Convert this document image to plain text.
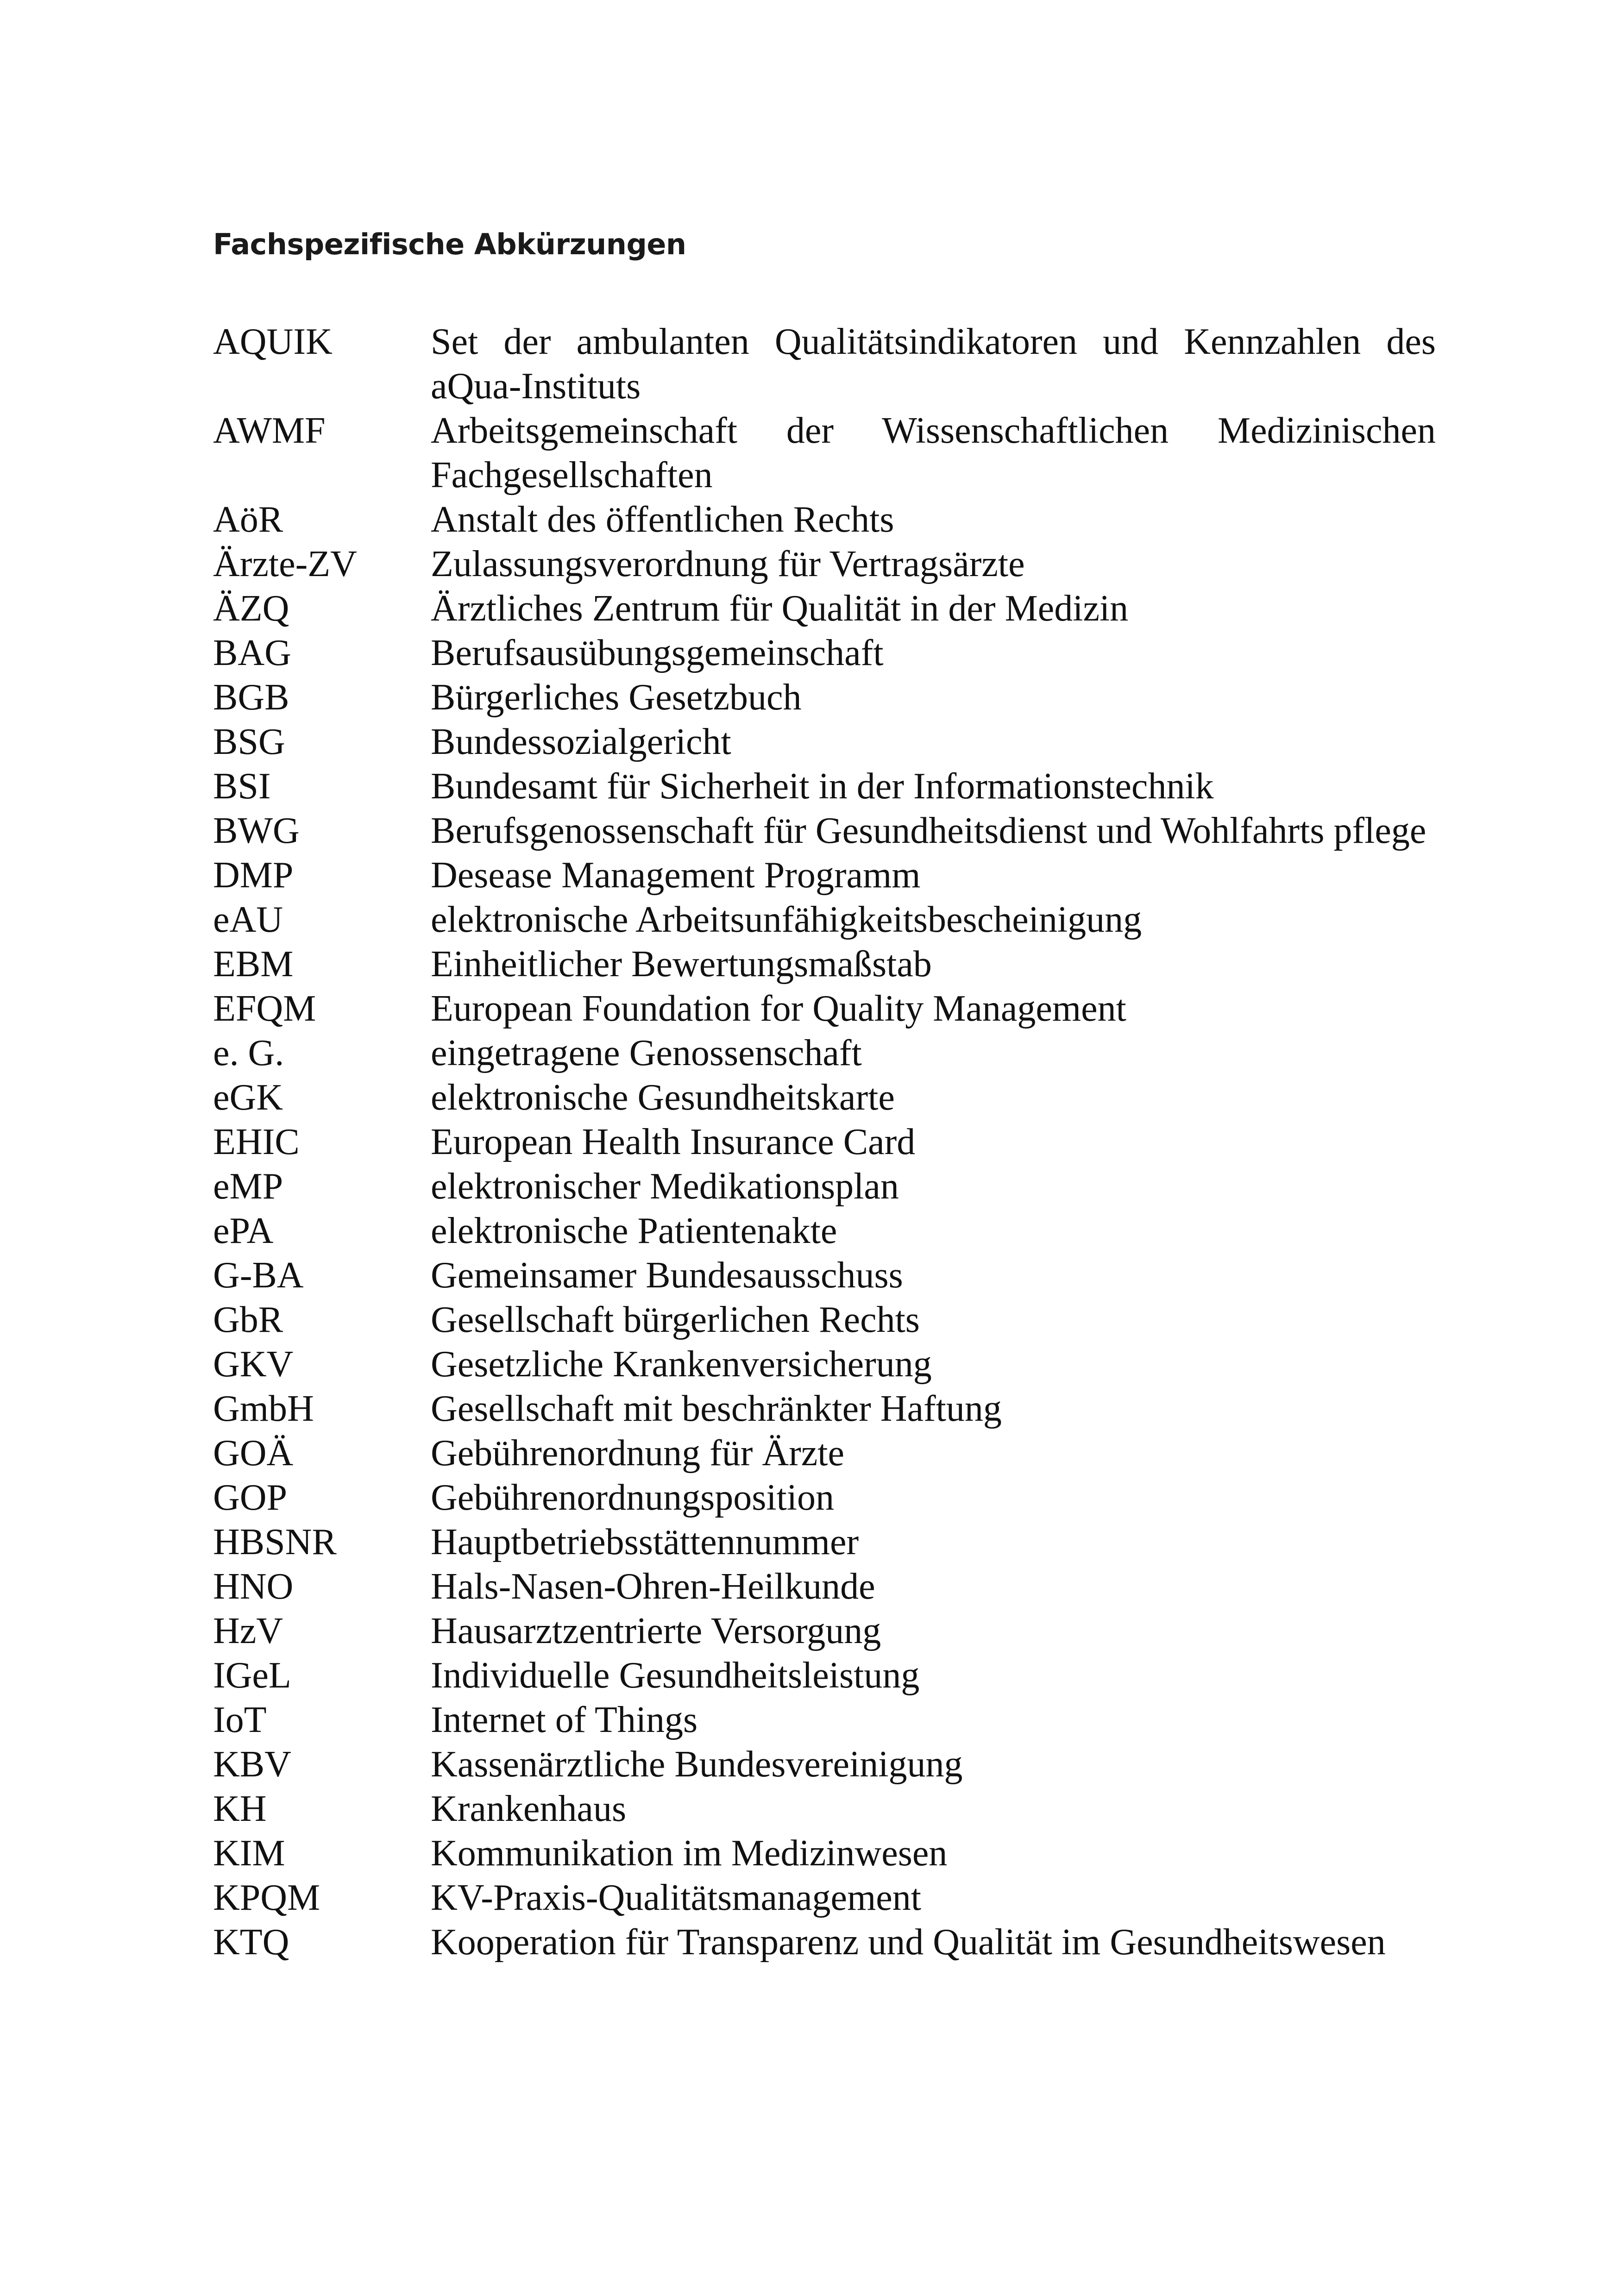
Fachspezifische Abkürzungen
AQUIK	Set der ambulanten Qualitätsindikatoren und Kennzahlen des aQua-Instituts
AWMF	Arbeitsgemeinschaft der Wissenschaftlichen Medizinischen Fachgesellschaften
AöR	Anstalt des öffentlichen Rechts
Ärzte-ZV	Zulassungsverordnung für Vertragsärzte
ÄZQ	Ärztliches Zentrum für Qualität in der Medizin
BAG	Berufsausübungsgemeinschaft
BGB	Bürgerliches Gesetzbuch
BSG	Bundessozialgericht
BSI	Bundesamt für Sicherheit in der Informationstechnik
BWG	Berufsgenossenschaft für Gesundheitsdienst und Wohlfahrts pflege
DMP	Desease Management Programm
eAU	elektronische Arbeitsunfähigkeitsbescheinigung
EBM	Einheitlicher Bewertungsmaßstab
EFQM	European Foundation for Quality Management
e. G.	eingetragene Genossenschaft
eGK	elektronische Gesundheitskarte
EHIC	European Health Insurance Card
eMP	elektronischer Medikationsplan
ePA	elektronische Patientenakte
G-BA	Gemeinsamer Bundesausschuss
GbR	Gesellschaft bürgerlichen Rechts
GKV	Gesetzliche Krankenversicherung
GmbH	Gesellschaft mit beschränkter Haftung
GOÄ	Gebührenordnung für Ärzte
GOP	Gebührenordnungsposition
HBSNR	Hauptbetriebsstättennummer
HNO	Hals-Nasen-Ohren-Heilkunde
HzV	Hausarztzentrierte Versorgung
IGeL	Individuelle Gesundheitsleistung
IoT	Internet of Things
KBV	Kassenärztliche Bundesvereinigung
KH	Krankenhaus
KIM	Kommunikation im Medizinwesen
KPQM	KV-Praxis-Qualitätsmanagement
KTQ	Kooperation für Transparenz und Qualität im Gesundheitswesen
